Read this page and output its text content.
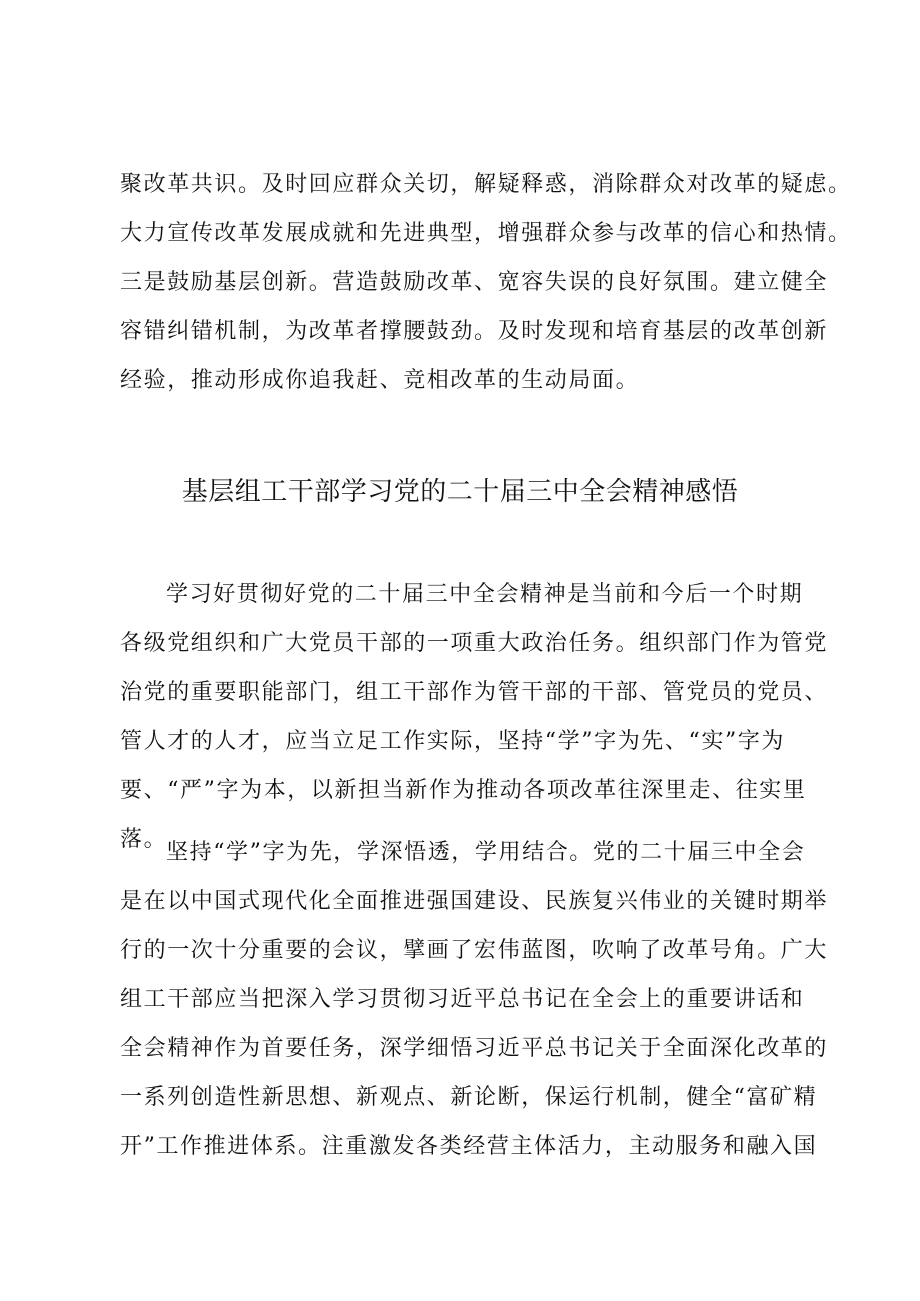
聚改革共识。及时回应群众关切，解疑释惑，消除群众对改革的疑虑。
大力宣传改革发展成就和先进典型，增强群众参与改革的信心和热情。
三是鼓励基层创新。营造鼓励改革、宽容失误的良好氛围。建立健全
容错纠错机制，为改革者撑腰鼓劲。及时发现和培育基层的改革创新
经验，推动形成你追我赶、竞相改革的生动局面。
基层组工干部学习党的二十届三中全会精神感悟
学习好贯彻好党的二十届三中全会精神是当前和今后一个时期
各级党组织和广大党员干部的一项重大政治任务。组织部门作为管党
治党的重要职能部门，组工干部作为管干部的干部、管党员的党员、
管人才的人才，应当立足工作实际，坚持“学”字为先、“实”字为
要、“严”字为本，以新担当新作为推动各项改革往深里走、往实里
落。
坚持“学”字为先，学深悟透，学用结合。党的二十届三中全会
是在以中国式现代化全面推进强国建设、民族复兴伟业的关键时期举
行的一次十分重要的会议，擘画了宏伟蓝图，吹响了改革号角。广大
组工干部应当把深入学习贯彻习近平总书记在全会上的重要讲话和
全会精神作为首要任务，深学细悟习近平总书记关于全面深化改革的
一系列创造性新思想、新观点、新论断，保运行机制，健全“富矿精
开”工作推进体系。注重激发各类经营主体活力，主动服务和融入国
